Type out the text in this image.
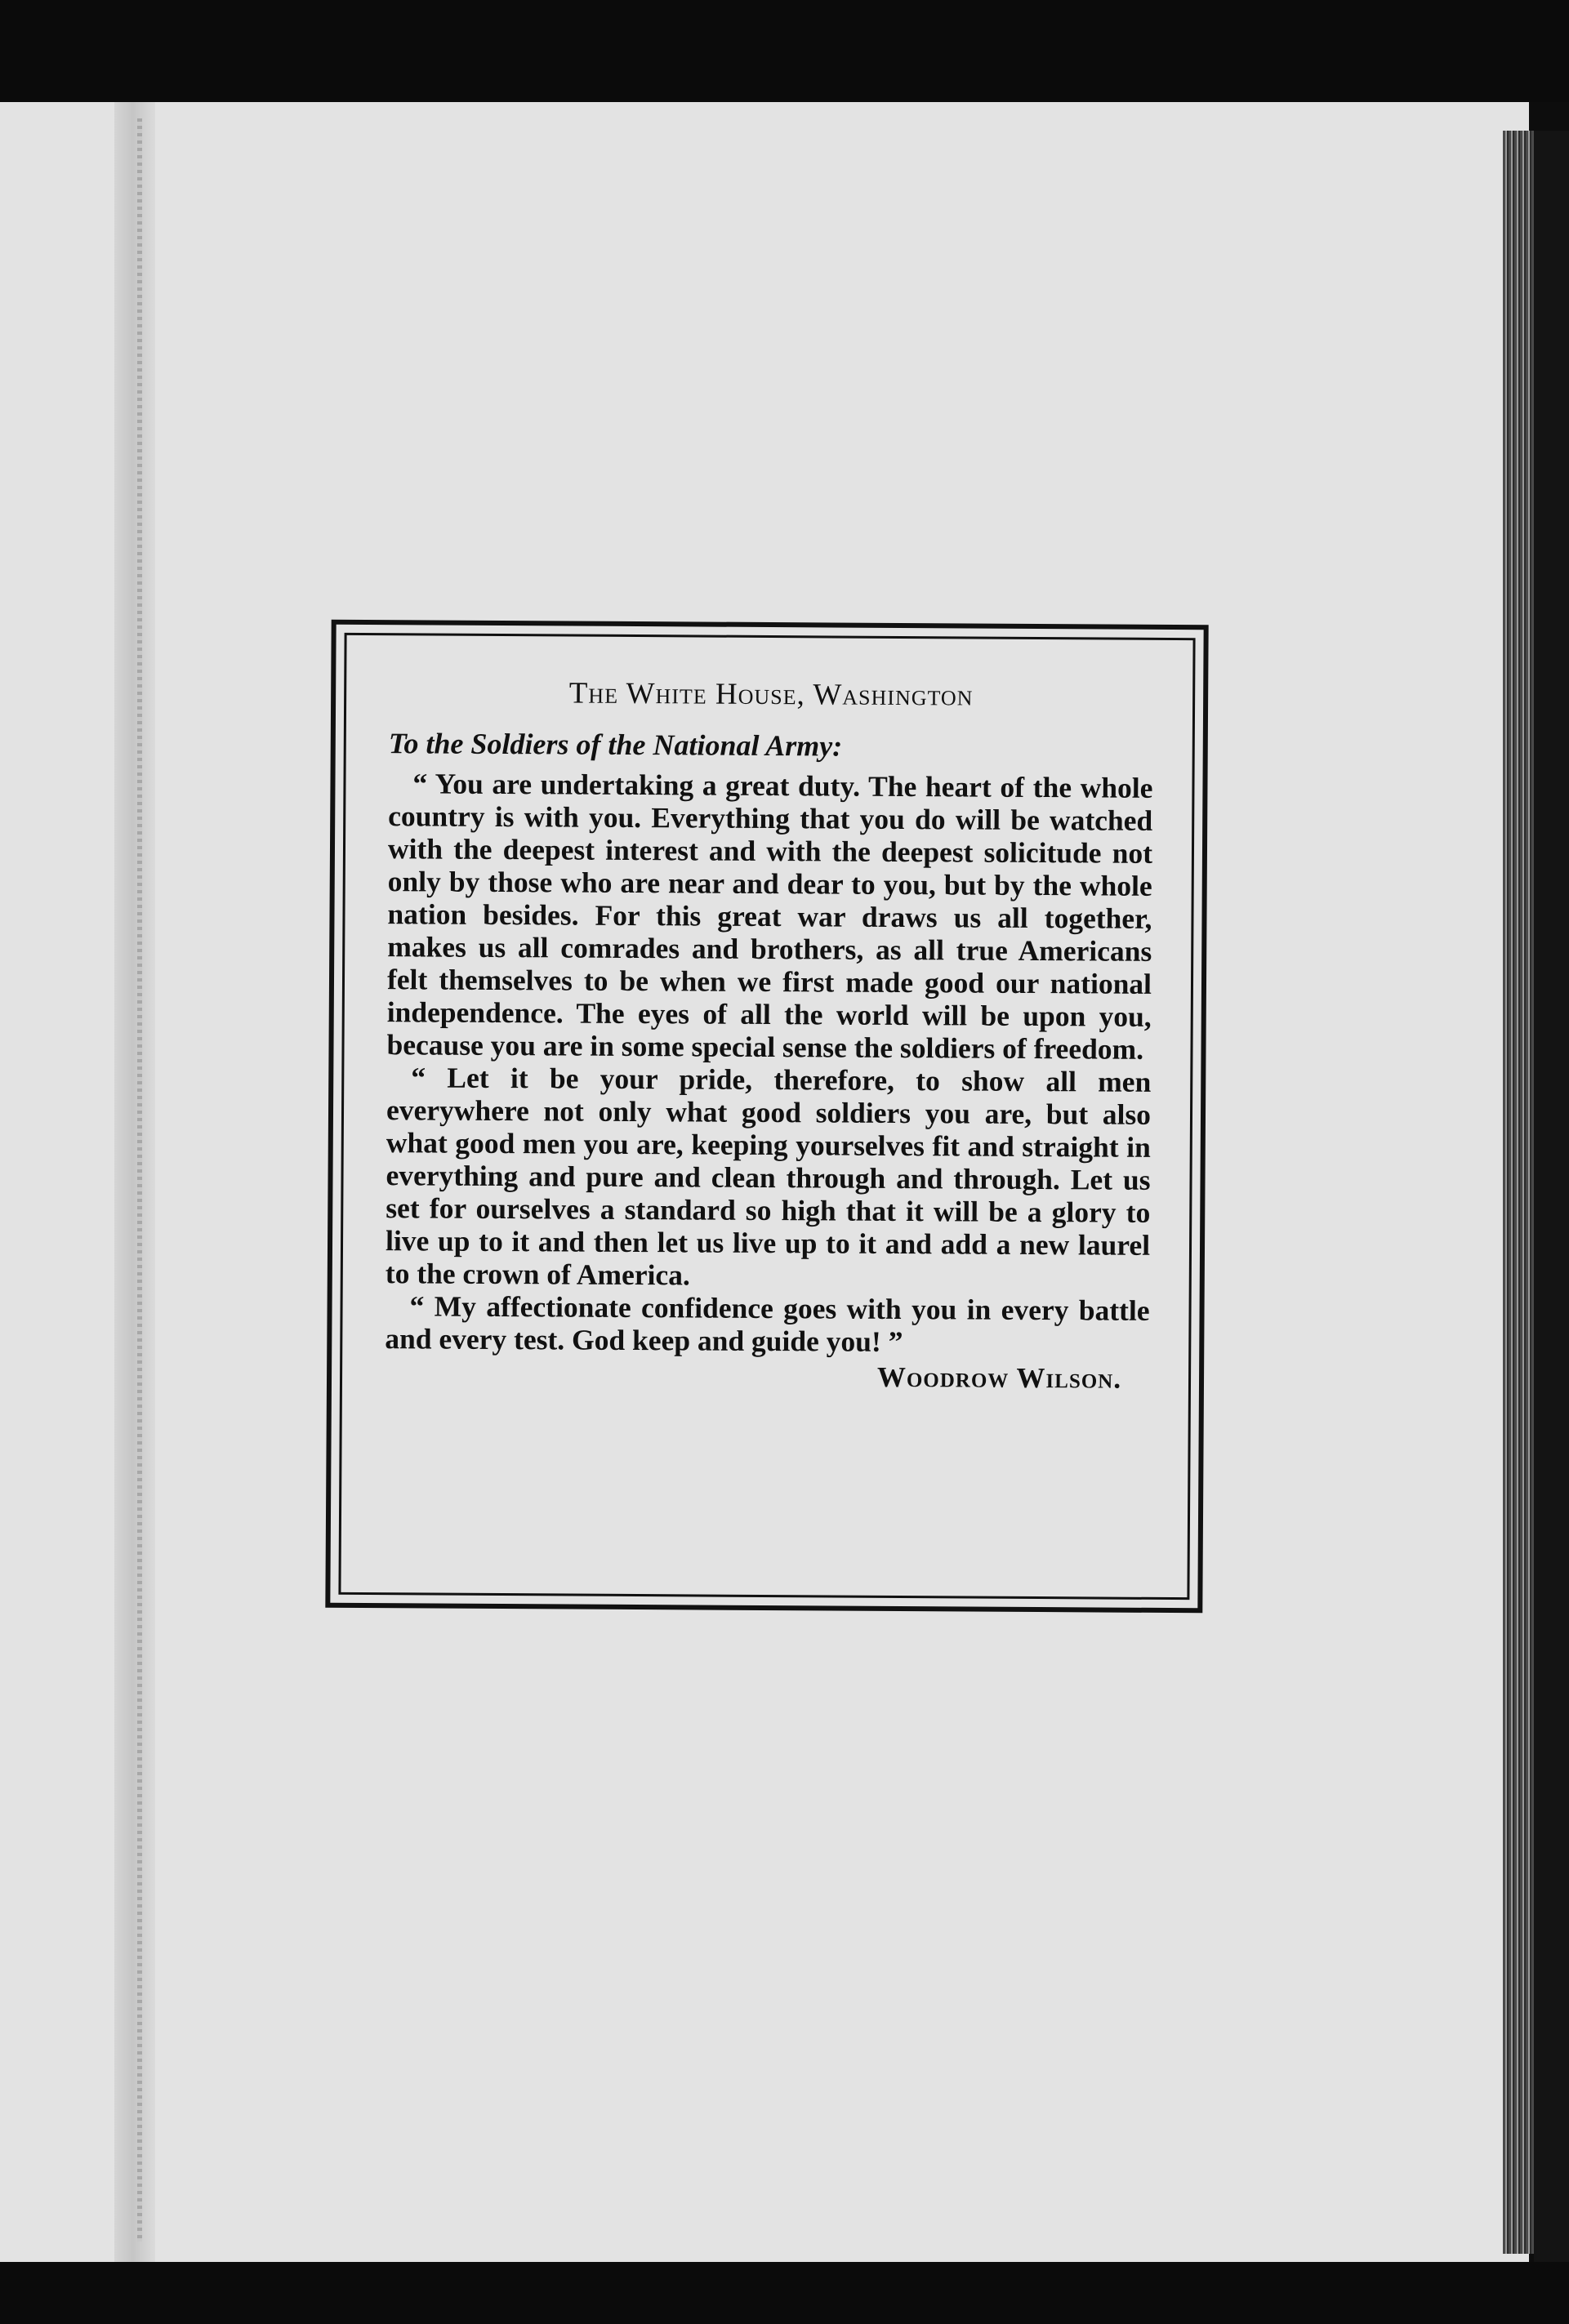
The White House, Washington
To the Soldiers of the National Army:

“ You are undertaking a great duty. The heart of the whole country is with you. Everything that you do will be watched with the deepest interest and with the deepest solicitude not only by those who are near and dear to you, but by the whole nation besides. For this great war draws us all together, makes us all comrades and brothers, as all true Americans felt themselves to be when we first made good our national independence. The eyes of all the world will be upon you, because you are in some special sense the soldiers of freedom.

“ Let it be your pride, therefore, to show all men everywhere not only what good soldiers you are, but also what good men you are, keeping yourselves fit and straight in everything and pure and clean through and through. Let us set for ourselves a standard so high that it will be a glory to live up to it and then let us live up to it and add a new laurel to the crown of America.

“ My affectionate confidence goes with you in every battle and every test. God keep and guide you! ”

Woodrow Wilson.
